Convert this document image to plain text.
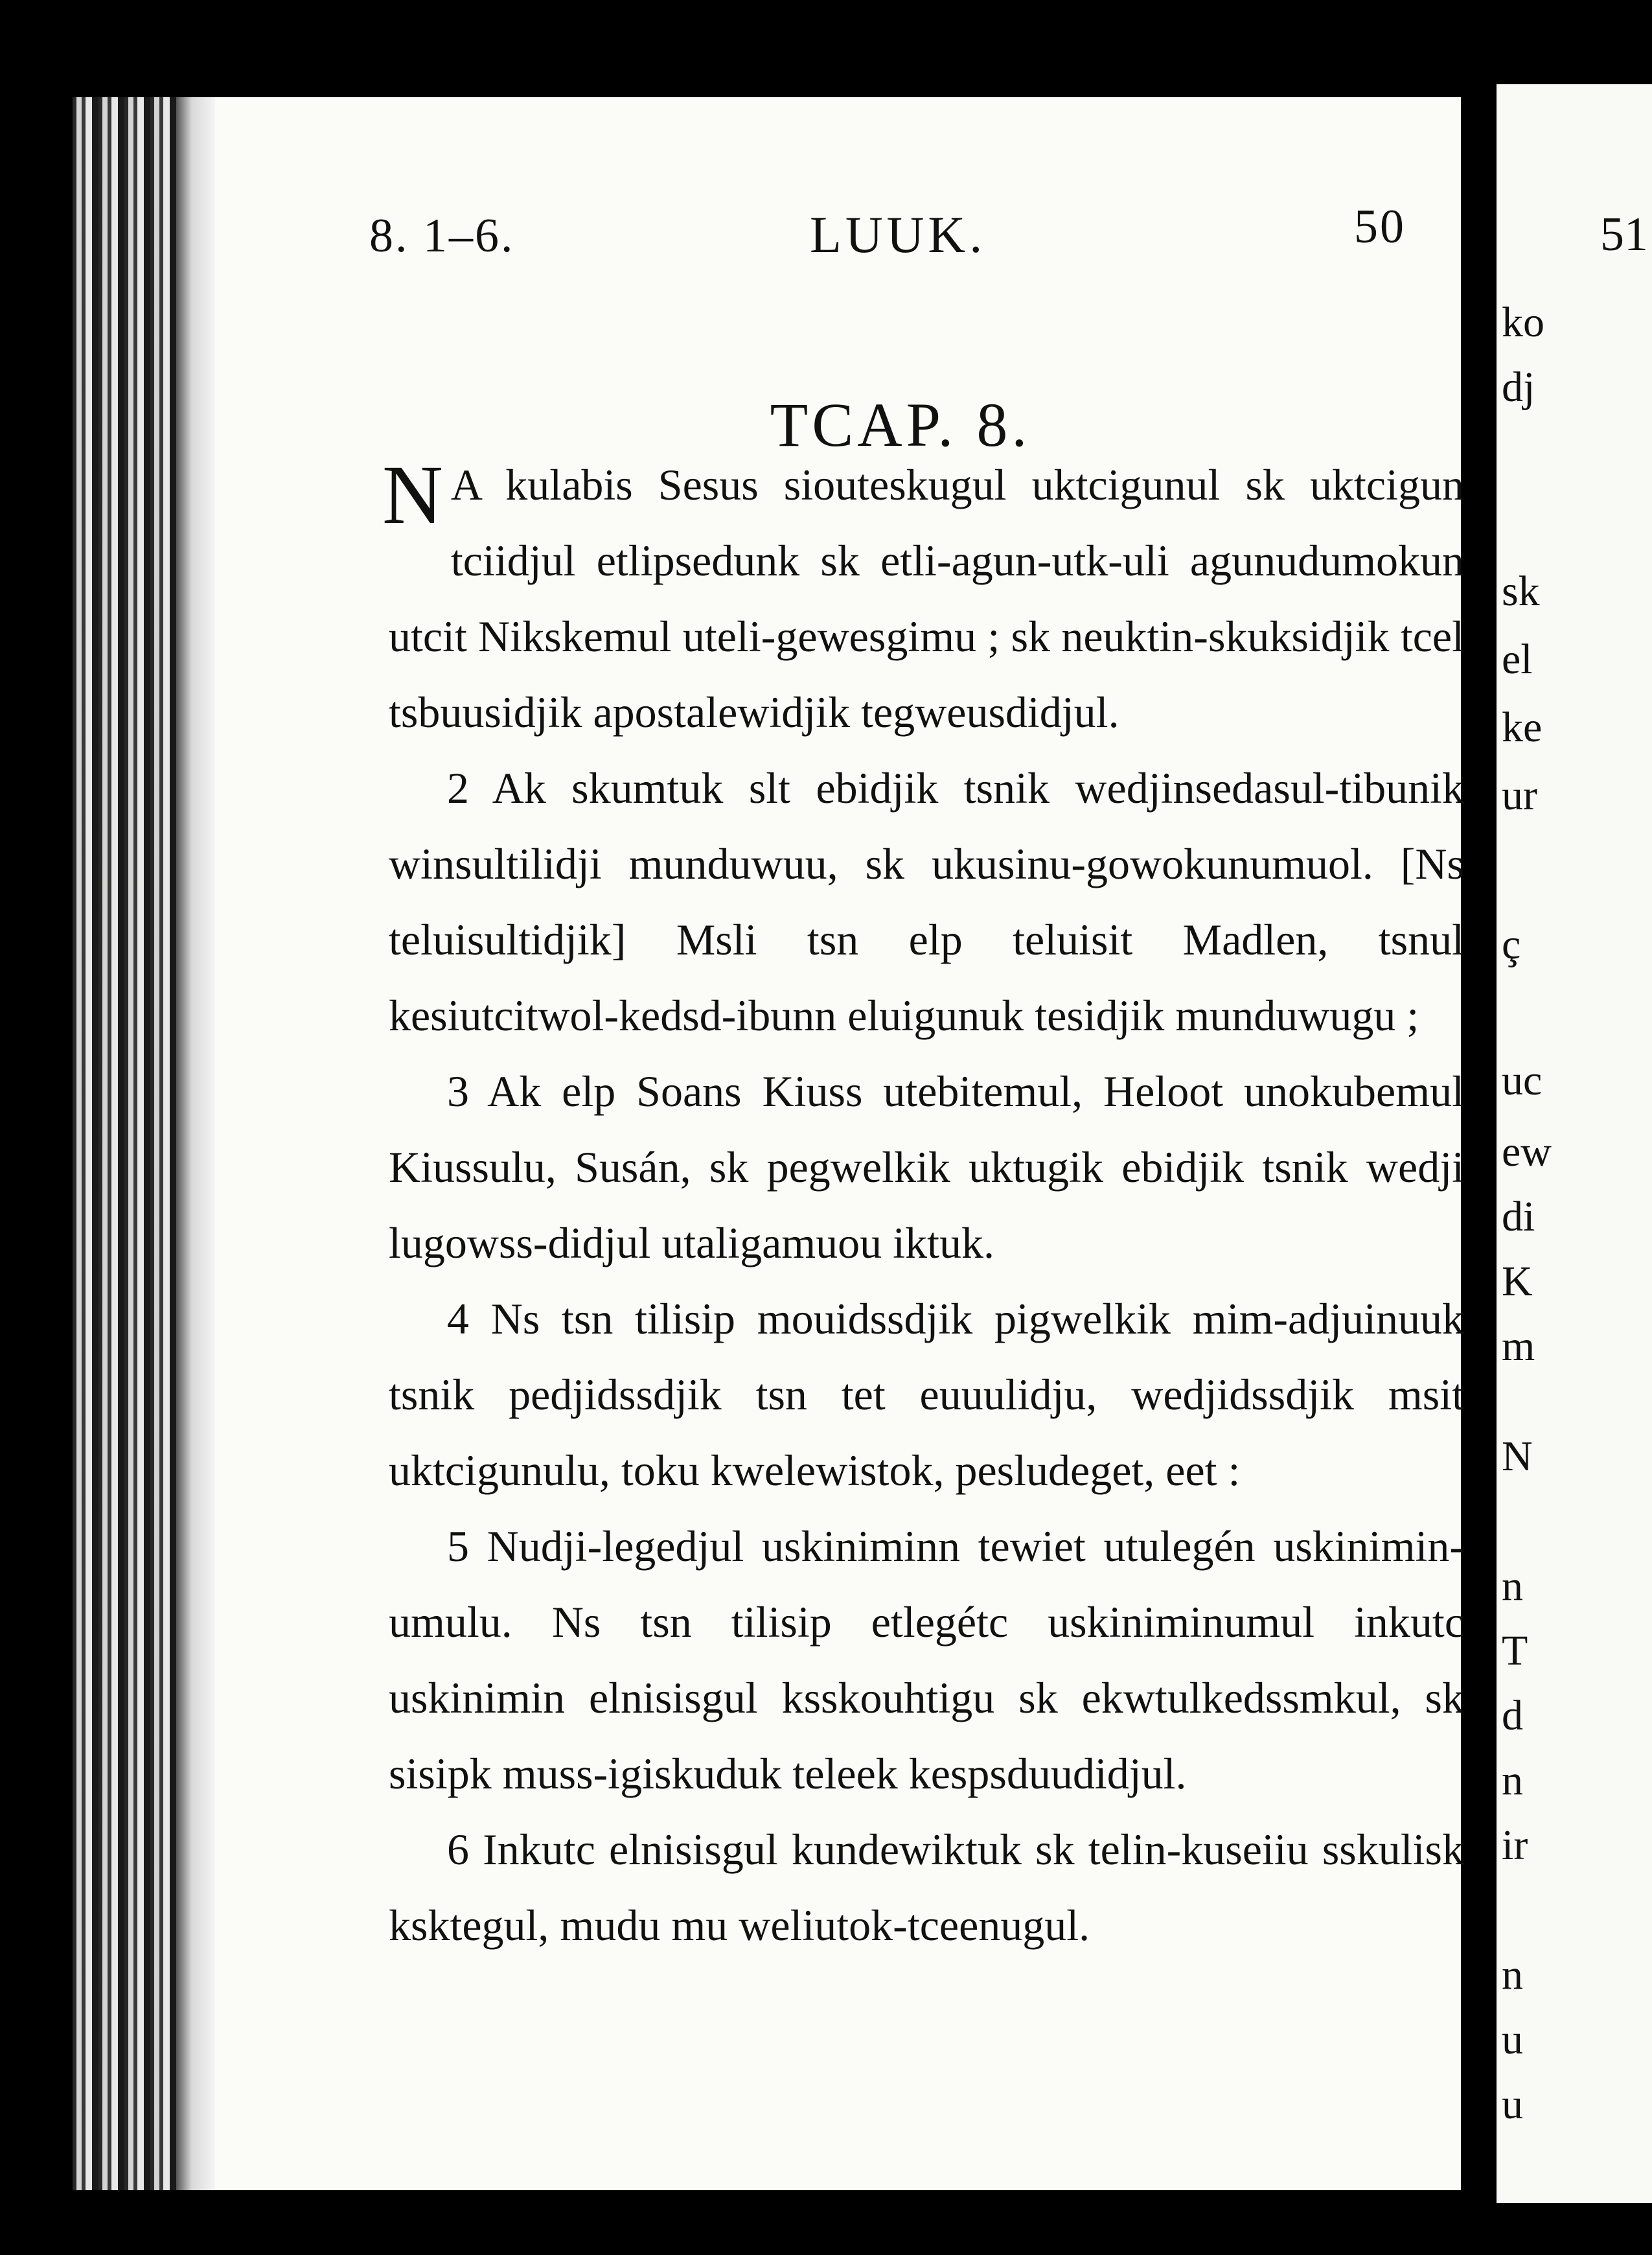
ko
dj
sk
el
ke
ur
ç
uc
ew
di
K
m
N
n
T
d
n
ir
n
u
u
51
8. 1–6.	LUUK.	50
TCAP. 8.

N A kulabis Sesus siouteskugul uktcigunul sk uktcigun tciidjul etlipsedunk sk etli-agun-utk-uli agunudumokun utcit Nikskemul uteli-gewesgimu ; sk neuktin-skuksidjik tcel tsbuusidjik apostalewidjik tegweusdidjul.

2 Ak skumtuk slt ebidjik tsnik wedjinsedasul-tibunik winsultilidji munduwuu, sk ukusinu-gowokunumuol. [Ns teluisultidjik] Msli tsn elp teluisit Madlen, tsnul kesiutcitwol-kedsd-ibunn eluigunuk tesidjik munduwugu ;

3 Ak elp Soans Kiuss utebitemul, Heloot unokubemul Kiussulu, Susán, sk pegwelkik uktugik ebidjik tsnik wedji lugowss-didjul utaligamuou iktuk.

4 Ns tsn tilisip mouidssdjik pigwelkik mim-adjuinuuk tsnik pedjidssdjik tsn tet euuulidju, wedjidssdjik msit uktcigunulu, toku kwelewistok, pesludeget, eet :

5 Nudji-legedjul uskiniminn tewiet utulegén uskinimin-umulu. Ns tsn tilisip etlegétc uskiniminumul inkutc uskinimin elnisisgul ksskouhtigu sk ekwtulkedssmkul, sk sisipk muss-igiskuduk teleek kespsduudidjul.

6 Inkutc elnisisgul kundewiktuk sk telin-kuseiiu sskulisk ksktegul, mudu mu weliutok-tceenugul.
